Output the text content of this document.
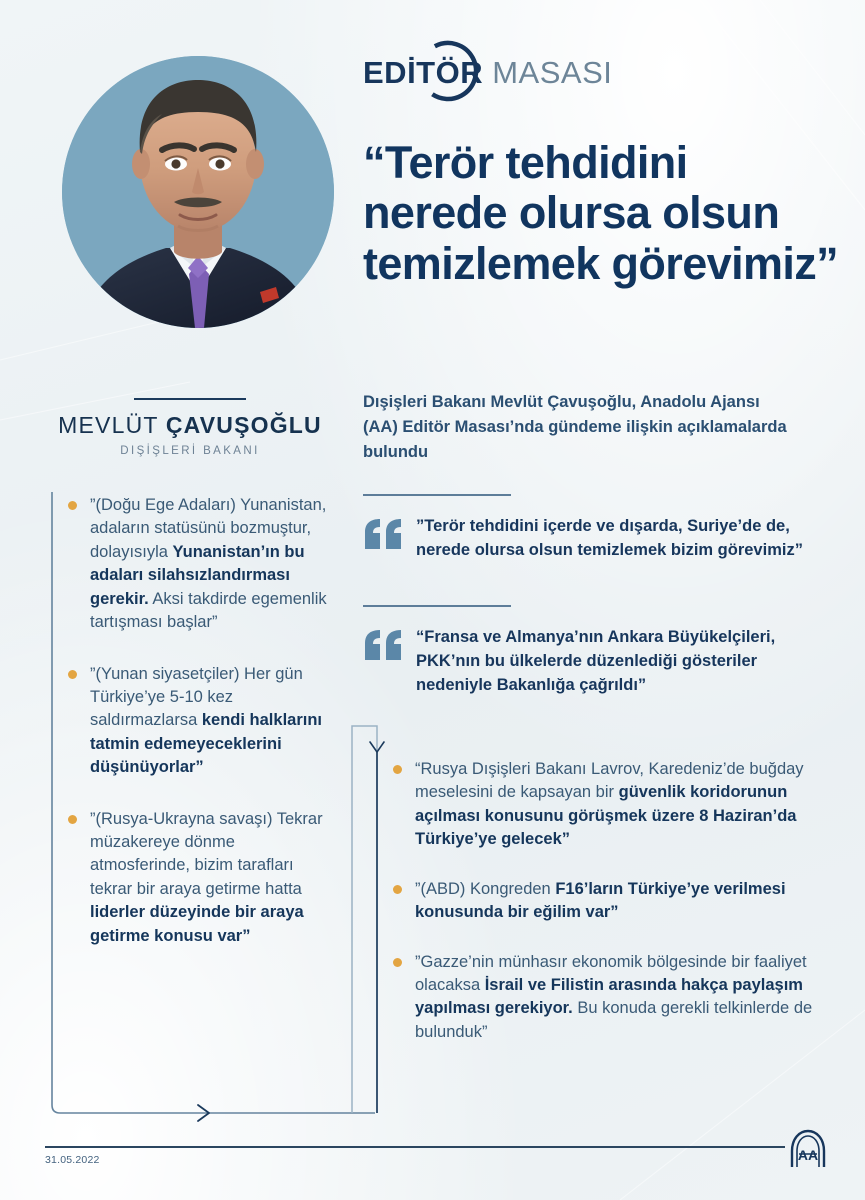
EDİTÖR MASASI
“Terör tehdidini nerede olursa olsun temizlemek görevimiz”
Dışişleri Bakanı Mevlüt Çavuşoğlu, Anadolu Ajansı (AA) Editör Masası’nda gündeme ilişkin açıklamalarda bulundu
MEVLÜT ÇAVUŞOĞLU
DIŞİŞLERİ BAKANI
”(Doğu Ege Adaları) Yunanistan, adaların statüsünü bozmuştur, dolayısıyla Yunanistan’ın bu adaları silahsızlandırması gerekir. Aksi takdirde egemenlik tartışması başlar”
”(Yunan siyasetçiler) Her gün Türkiye’ye 5-10 kez saldırmazlarsa kendi halklarını tatmin edemeyeceklerini düşünüyorlar”
”(Rusya-Ukrayna savaşı) Tekrar müzakereye dönme atmosferinde, bizim tarafları tekrar bir araya getirme hatta liderler düzeyinde bir araya getirme konusu var”
”Terör tehdidini içerde ve dışarda, Suriye’de de, nerede olursa olsun temizlemek bizim görevimiz”
“Fransa ve Almanya’nın Ankara Büyükelçileri, PKK’nın bu ülkelerde düzenlediği gösteriler nedeniyle Bakanlığa çağrıldı”
“Rusya Dışişleri Bakanı Lavrov, Karedeniz’de buğday meselesini de kapsayan bir güvenlik koridorunun açılması konusunu görüşmek üzere 8 Haziran’da Türkiye’ye gelecek”
”(ABD) Kongreden F16’ların Türkiye’ye verilmesi konusunda bir eğilim var”
”Gazze’nin münhasır ekonomik bölgesinde bir faaliyet olacaksa İsrail ve Filistin arasında hakça paylaşım yapılması gerekiyor. Bu konuda gerekli telkinlerde de bulunduk”
31.05.2022	AA
